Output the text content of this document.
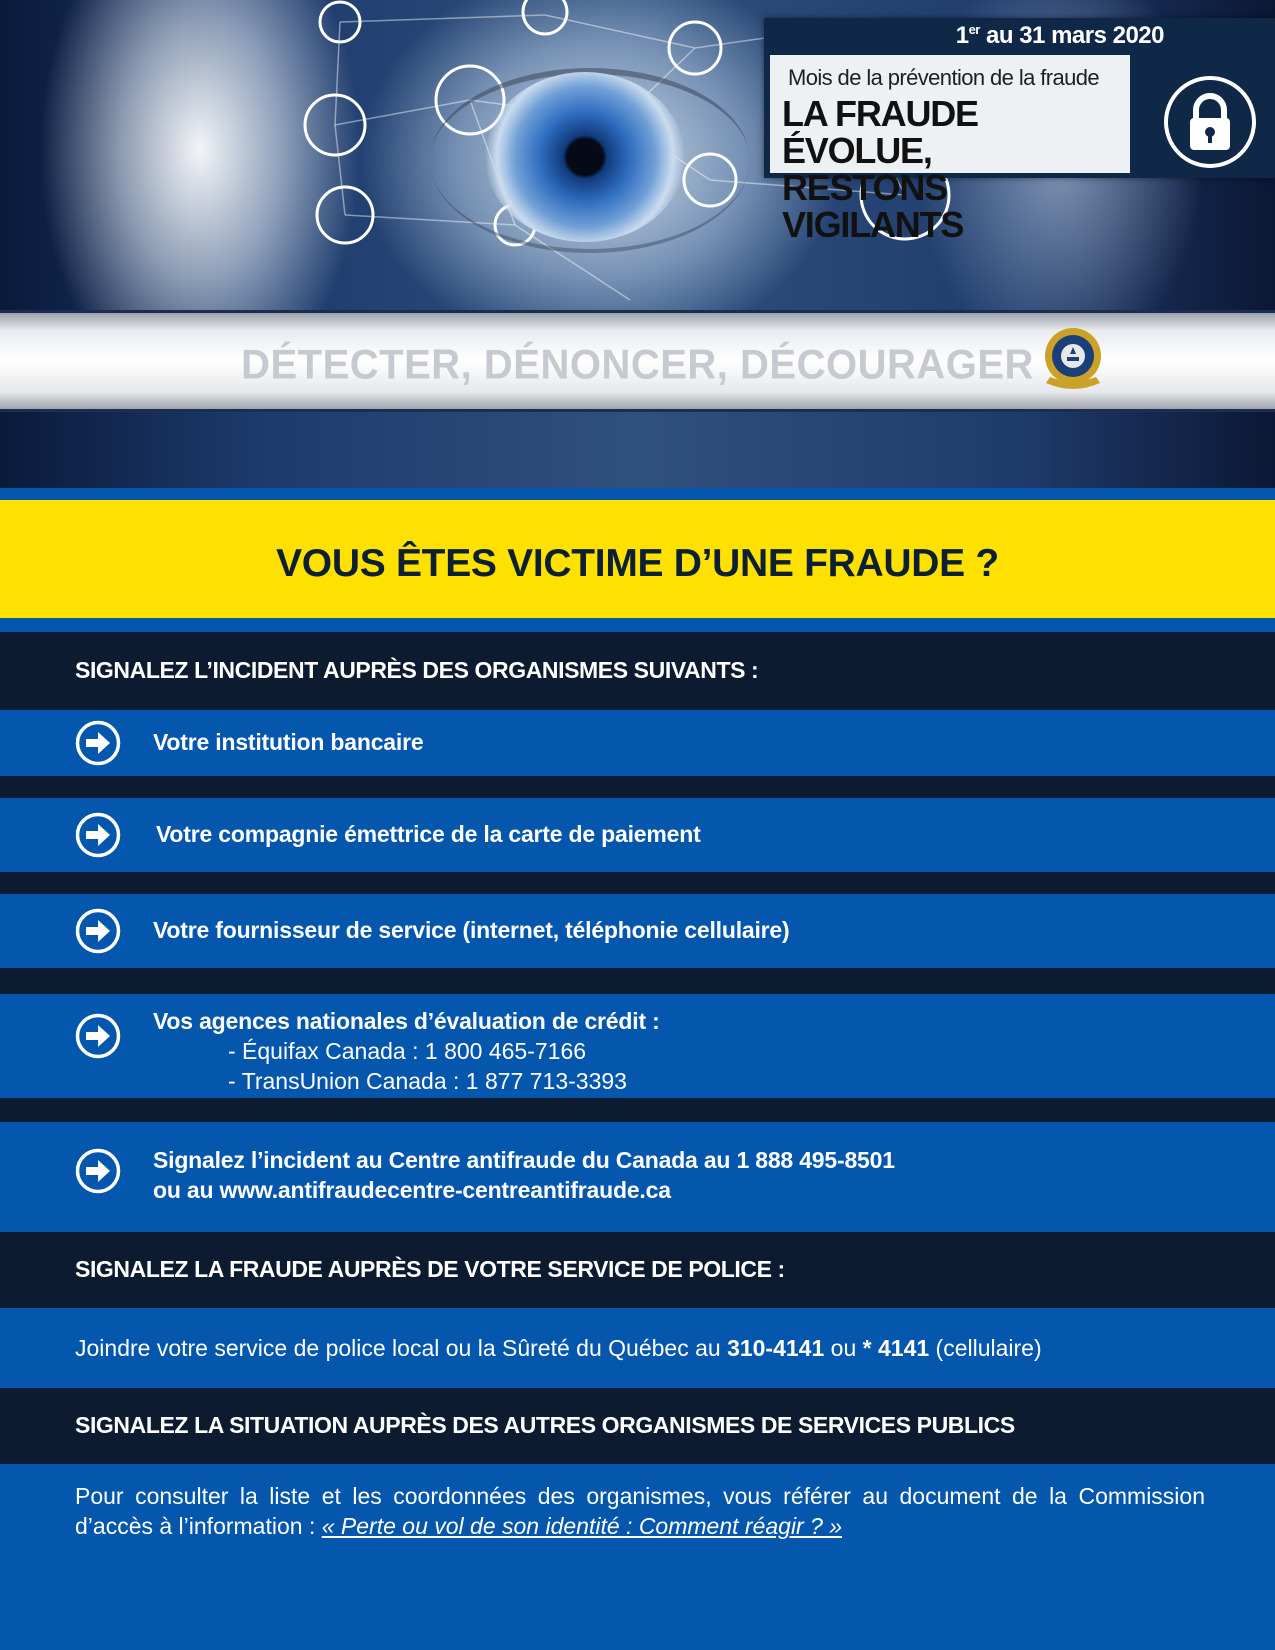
1er au 31 mars 2020
Mois de la prévention de la fraude
LA FRAUDE ÉVOLUE,
RESTONS VIGILANTS
DÉTECTER, DÉNONCER, DÉCOURAGER
VOUS ÊTES VICTIME D’UNE FRAUDE ?
SIGNALEZ L’INCIDENT AUPRÈS DES ORGANISMES SUIVANTS :
Votre institution bancaire
Votre compagnie émettrice de la carte de paiement
Votre fournisseur de service (internet, téléphonie cellulaire)
Vos agences nationales d’évaluation de crédit :
- Équifax Canada : 1 800 465-7166
- TransUnion Canada : 1 877 713-3393
Signalez l’incident au Centre antifraude du Canada au 1 888 495-8501
ou au www.antifraudecentre-centreantifraude.ca
SIGNALEZ LA FRAUDE AUPRÈS DE VOTRE SERVICE DE POLICE :
Joindre votre service de police local ou la Sûreté du Québec au 310-4141 ou * 4141 (cellulaire)
SIGNALEZ LA SITUATION AUPRÈS DES AUTRES ORGANISMES DE SERVICES PUBLICS
Pour consulter la liste et les coordonnées des organismes, vous référer au document de la Commission d’accès à l’information : « Perte ou vol de son identité : Comment réagir ? »
